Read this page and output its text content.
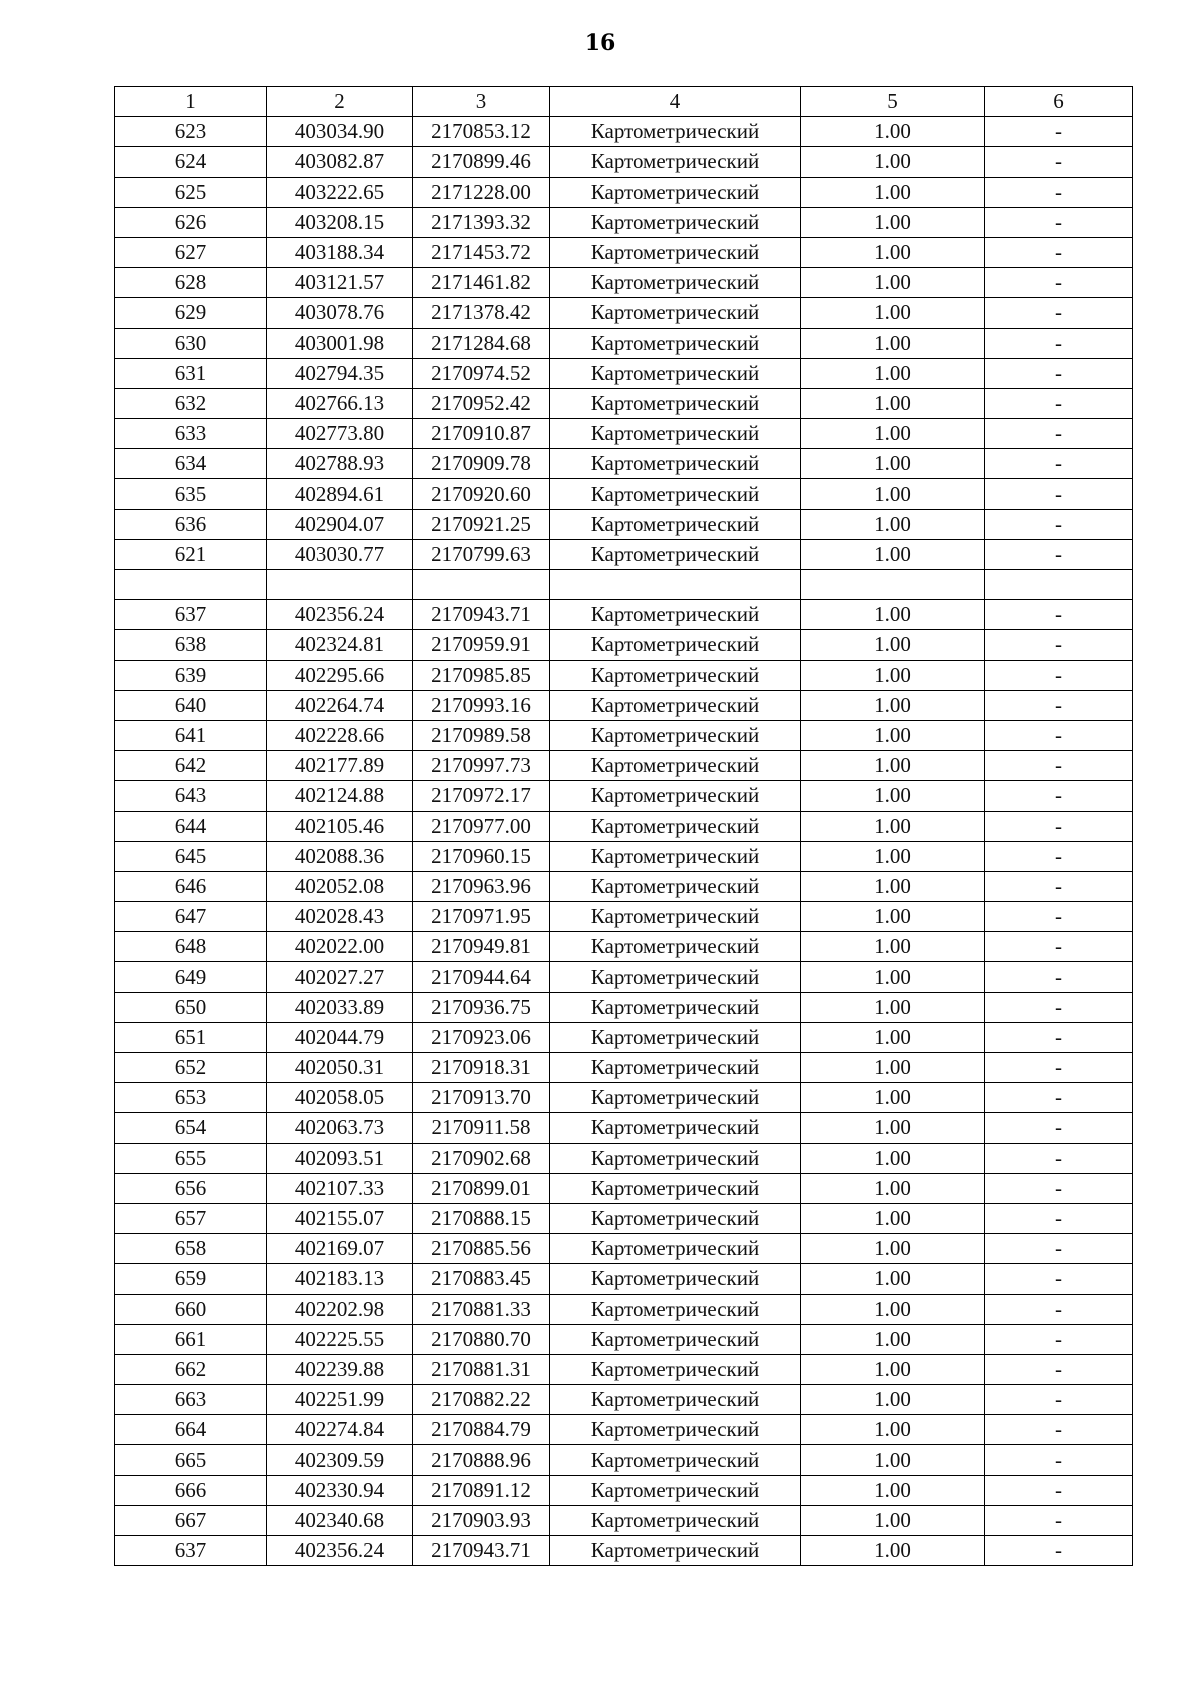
16
1	2	3	4	5	6
623	403034.90	2170853.12	Картометрический	1.00	-
624	403082.87	2170899.46	Картометрический	1.00	-
625	403222.65	2171228.00	Картометрический	1.00	-
626	403208.15	2171393.32	Картометрический	1.00	-
627	403188.34	2171453.72	Картометрический	1.00	-
628	403121.57	2171461.82	Картометрический	1.00	-
629	403078.76	2171378.42	Картометрический	1.00	-
630	403001.98	2171284.68	Картометрический	1.00	-
631	402794.35	2170974.52	Картометрический	1.00	-
632	402766.13	2170952.42	Картометрический	1.00	-
633	402773.80	2170910.87	Картометрический	1.00	-
634	402788.93	2170909.78	Картометрический	1.00	-
635	402894.61	2170920.60	Картометрический	1.00	-
636	402904.07	2170921.25	Картометрический	1.00	-
621	403030.77	2170799.63	Картометрический	1.00	-

637	402356.24	2170943.71	Картометрический	1.00	-
638	402324.81	2170959.91	Картометрический	1.00	-
639	402295.66	2170985.85	Картометрический	1.00	-
640	402264.74	2170993.16	Картометрический	1.00	-
641	402228.66	2170989.58	Картометрический	1.00	-
642	402177.89	2170997.73	Картометрический	1.00	-
643	402124.88	2170972.17	Картометрический	1.00	-
644	402105.46	2170977.00	Картометрический	1.00	-
645	402088.36	2170960.15	Картометрический	1.00	-
646	402052.08	2170963.96	Картометрический	1.00	-
647	402028.43	2170971.95	Картометрический	1.00	-
648	402022.00	2170949.81	Картометрический	1.00	-
649	402027.27	2170944.64	Картометрический	1.00	-
650	402033.89	2170936.75	Картометрический	1.00	-
651	402044.79	2170923.06	Картометрический	1.00	-
652	402050.31	2170918.31	Картометрический	1.00	-
653	402058.05	2170913.70	Картометрический	1.00	-
654	402063.73	2170911.58	Картометрический	1.00	-
655	402093.51	2170902.68	Картометрический	1.00	-
656	402107.33	2170899.01	Картометрический	1.00	-
657	402155.07	2170888.15	Картометрический	1.00	-
658	402169.07	2170885.56	Картометрический	1.00	-
659	402183.13	2170883.45	Картометрический	1.00	-
660	402202.98	2170881.33	Картометрический	1.00	-
661	402225.55	2170880.70	Картометрический	1.00	-
662	402239.88	2170881.31	Картометрический	1.00	-
663	402251.99	2170882.22	Картометрический	1.00	-
664	402274.84	2170884.79	Картометрический	1.00	-
665	402309.59	2170888.96	Картометрический	1.00	-
666	402330.94	2170891.12	Картометрический	1.00	-
667	402340.68	2170903.93	Картометрический	1.00	-
637	402356.24	2170943.71	Картометрический	1.00	-
